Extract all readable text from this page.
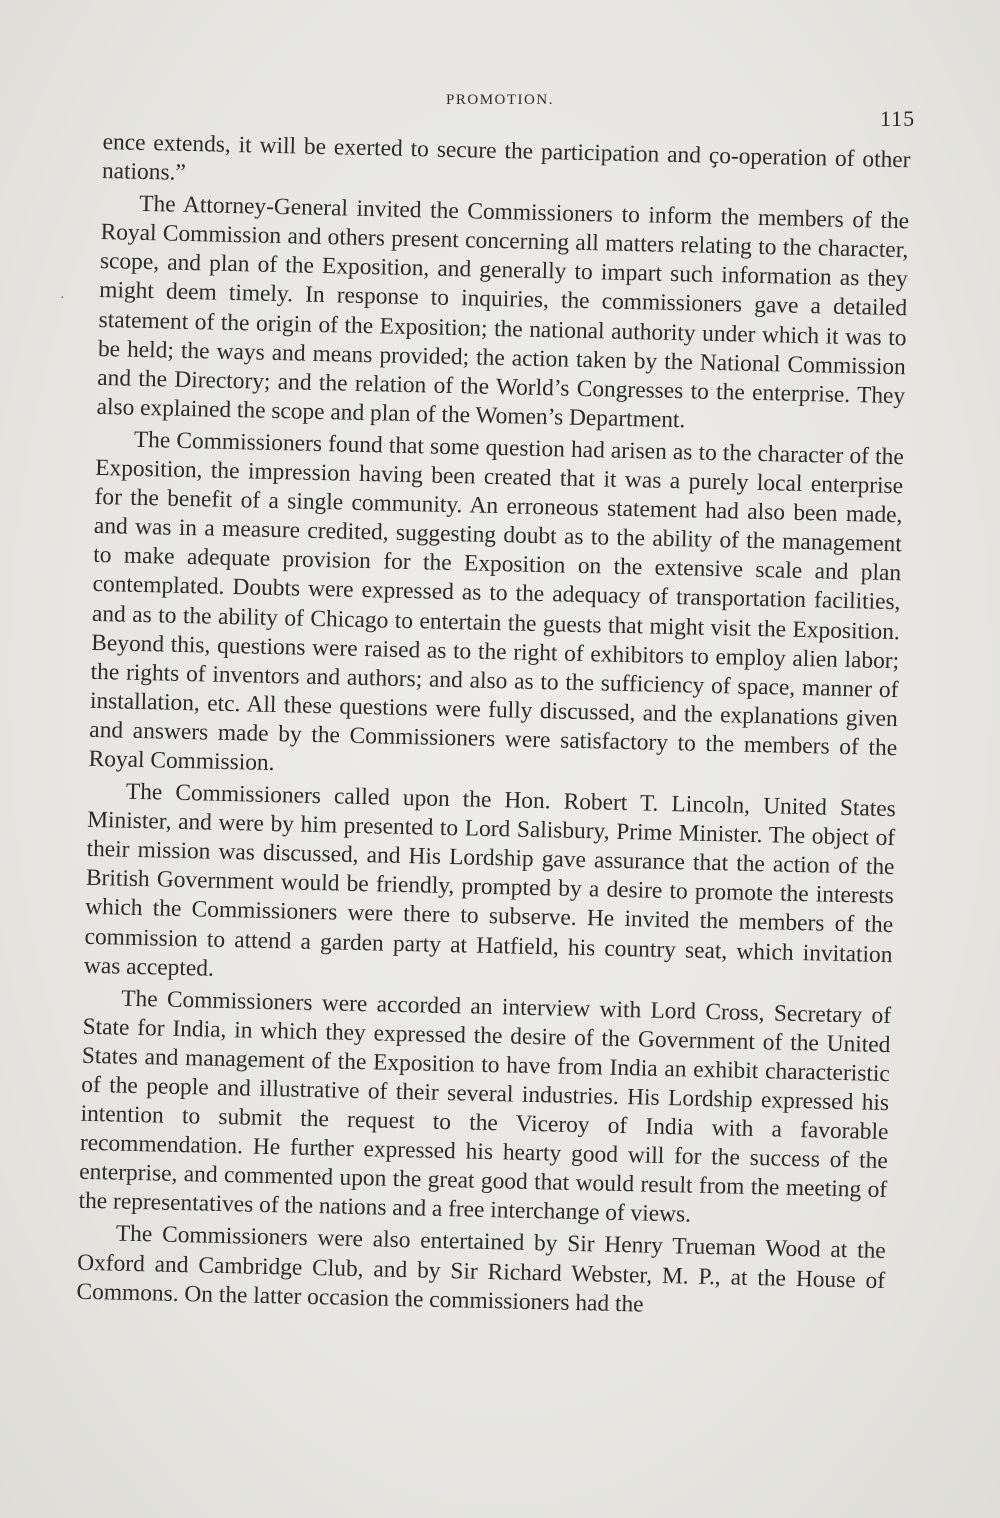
PROMOTION.
115
·

ence extends, it will be exerted to secure the participation and ҫo-operation of other nations.”

The Attorney-General invited the Commissioners to inform the members of the Royal Commission and others present concerning all matters relating to the character, scope, and plan of the Exposition, and generally to impart such information as they might deem timely. In response to inquiries, the commissioners gave a detailed statement of the origin of the Exposition; the national authority under which it was to be held; the ways and means provided; the action taken by the National Commission and the Directory; and the relation of the World’s Congresses to the enterprise. They also explained the scope and plan of the Women’s Department.

The Commissioners found that some question had arisen as to the character of the Exposition, the impression having been created that it was a purely local enterprise for the benefit of a single community. An erroneous statement had also been made, and was in a measure credited, suggesting doubt as to the ability of the management to make adequate provision for the Exposition on the extensive scale and plan contemplated. Doubts were expressed as to the adequacy of transportation facilities, and as to the ability of Chicago to entertain the guests that might visit the Exposition. Beyond this, questions were raised as to the right of exhibitors to employ alien labor; the rights of inventors and authors; and also as to the sufficiency of space, manner of installation, etc. All these questions were fully discussed, and the explanations given and answers made by the Commissioners were satisfactory to the members of the Royal Commission.

The Commissioners called upon the Hon. Robert T. Lincoln, United States Minister, and were by him presented to Lord Salisbury, Prime Minister. The object of their mission was discussed, and His Lordship gave assurance that the action of the British Government would be friendly, prompted by a desire to promote the interests which the Commissioners were there to subserve. He invited the members of the commission to attend a garden party at Hatfield, his country seat, which invitation was accepted.

The Commissioners were accorded an interview with Lord Cross, Secretary of State for India, in which they expressed the desire of the Government of the United States and management of the Exposition to have from India an exhibit characteristic of the people and illustrative of their several industries. His Lordship expressed his intention to submit the request to the Viceroy of India with a favorable recommendation. He further expressed his hearty good will for the success of the enterprise, and commented upon the great good that would result from the meeting of the representatives of the nations and a free interchange of views.

The Commissioners were also entertained by Sir Henry Trueman Wood at the Oxford and Cambridge Club, and by Sir Richard Webster, M. P., at the House of Commons. On the latter occasion the commissioners had the
